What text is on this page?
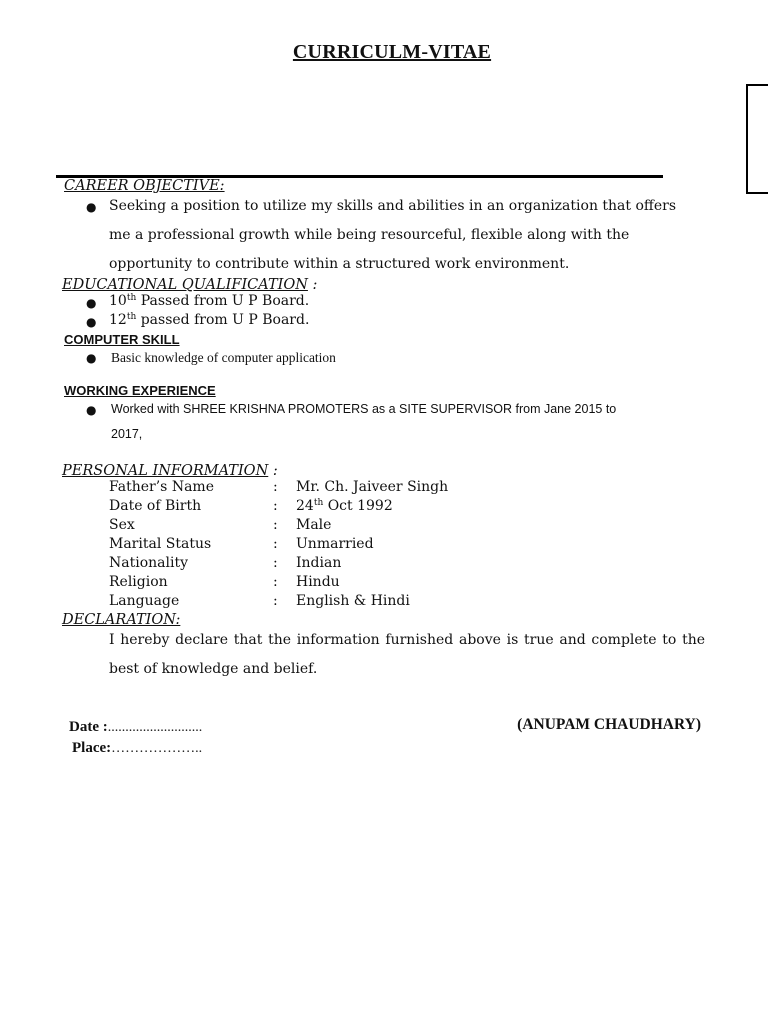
CURRICULM-VITAE
CAREER OBJECTIVE:
● Seeking a position to utilize my skills and abilities in an organization that offers
me a professional growth while being resourceful, flexible along with the
opportunity to contribute within a structured work environment.
EDUCATIONAL QUALIFICATION :
● 10th Passed from U P Board.
● 12th passed from U P Board.
COMPUTER SKILL
● Basic knowledge of computer application
WORKING EXPERIENCE
● Worked with SHREE KRISHNA PROMOTERS as a SITE SUPERVISOR from Jane 2015 to
2017,
PERSONAL INFORMATION :
Father’s Name	: Mr. Ch. Jaiveer Singh
Date of Birth	: 24th Oct 1992
Sex	: Male
Marital Status	: Unmarried
Nationality	: Indian
Religion	: Hindu
Language	: English & Hindi
DECLARATION:
I hereby declare that the information furnished above is true and complete to the best of knowledge and belief.
Date :...........................
Place:………………..
(ANUPAM CHAUDHARY)
